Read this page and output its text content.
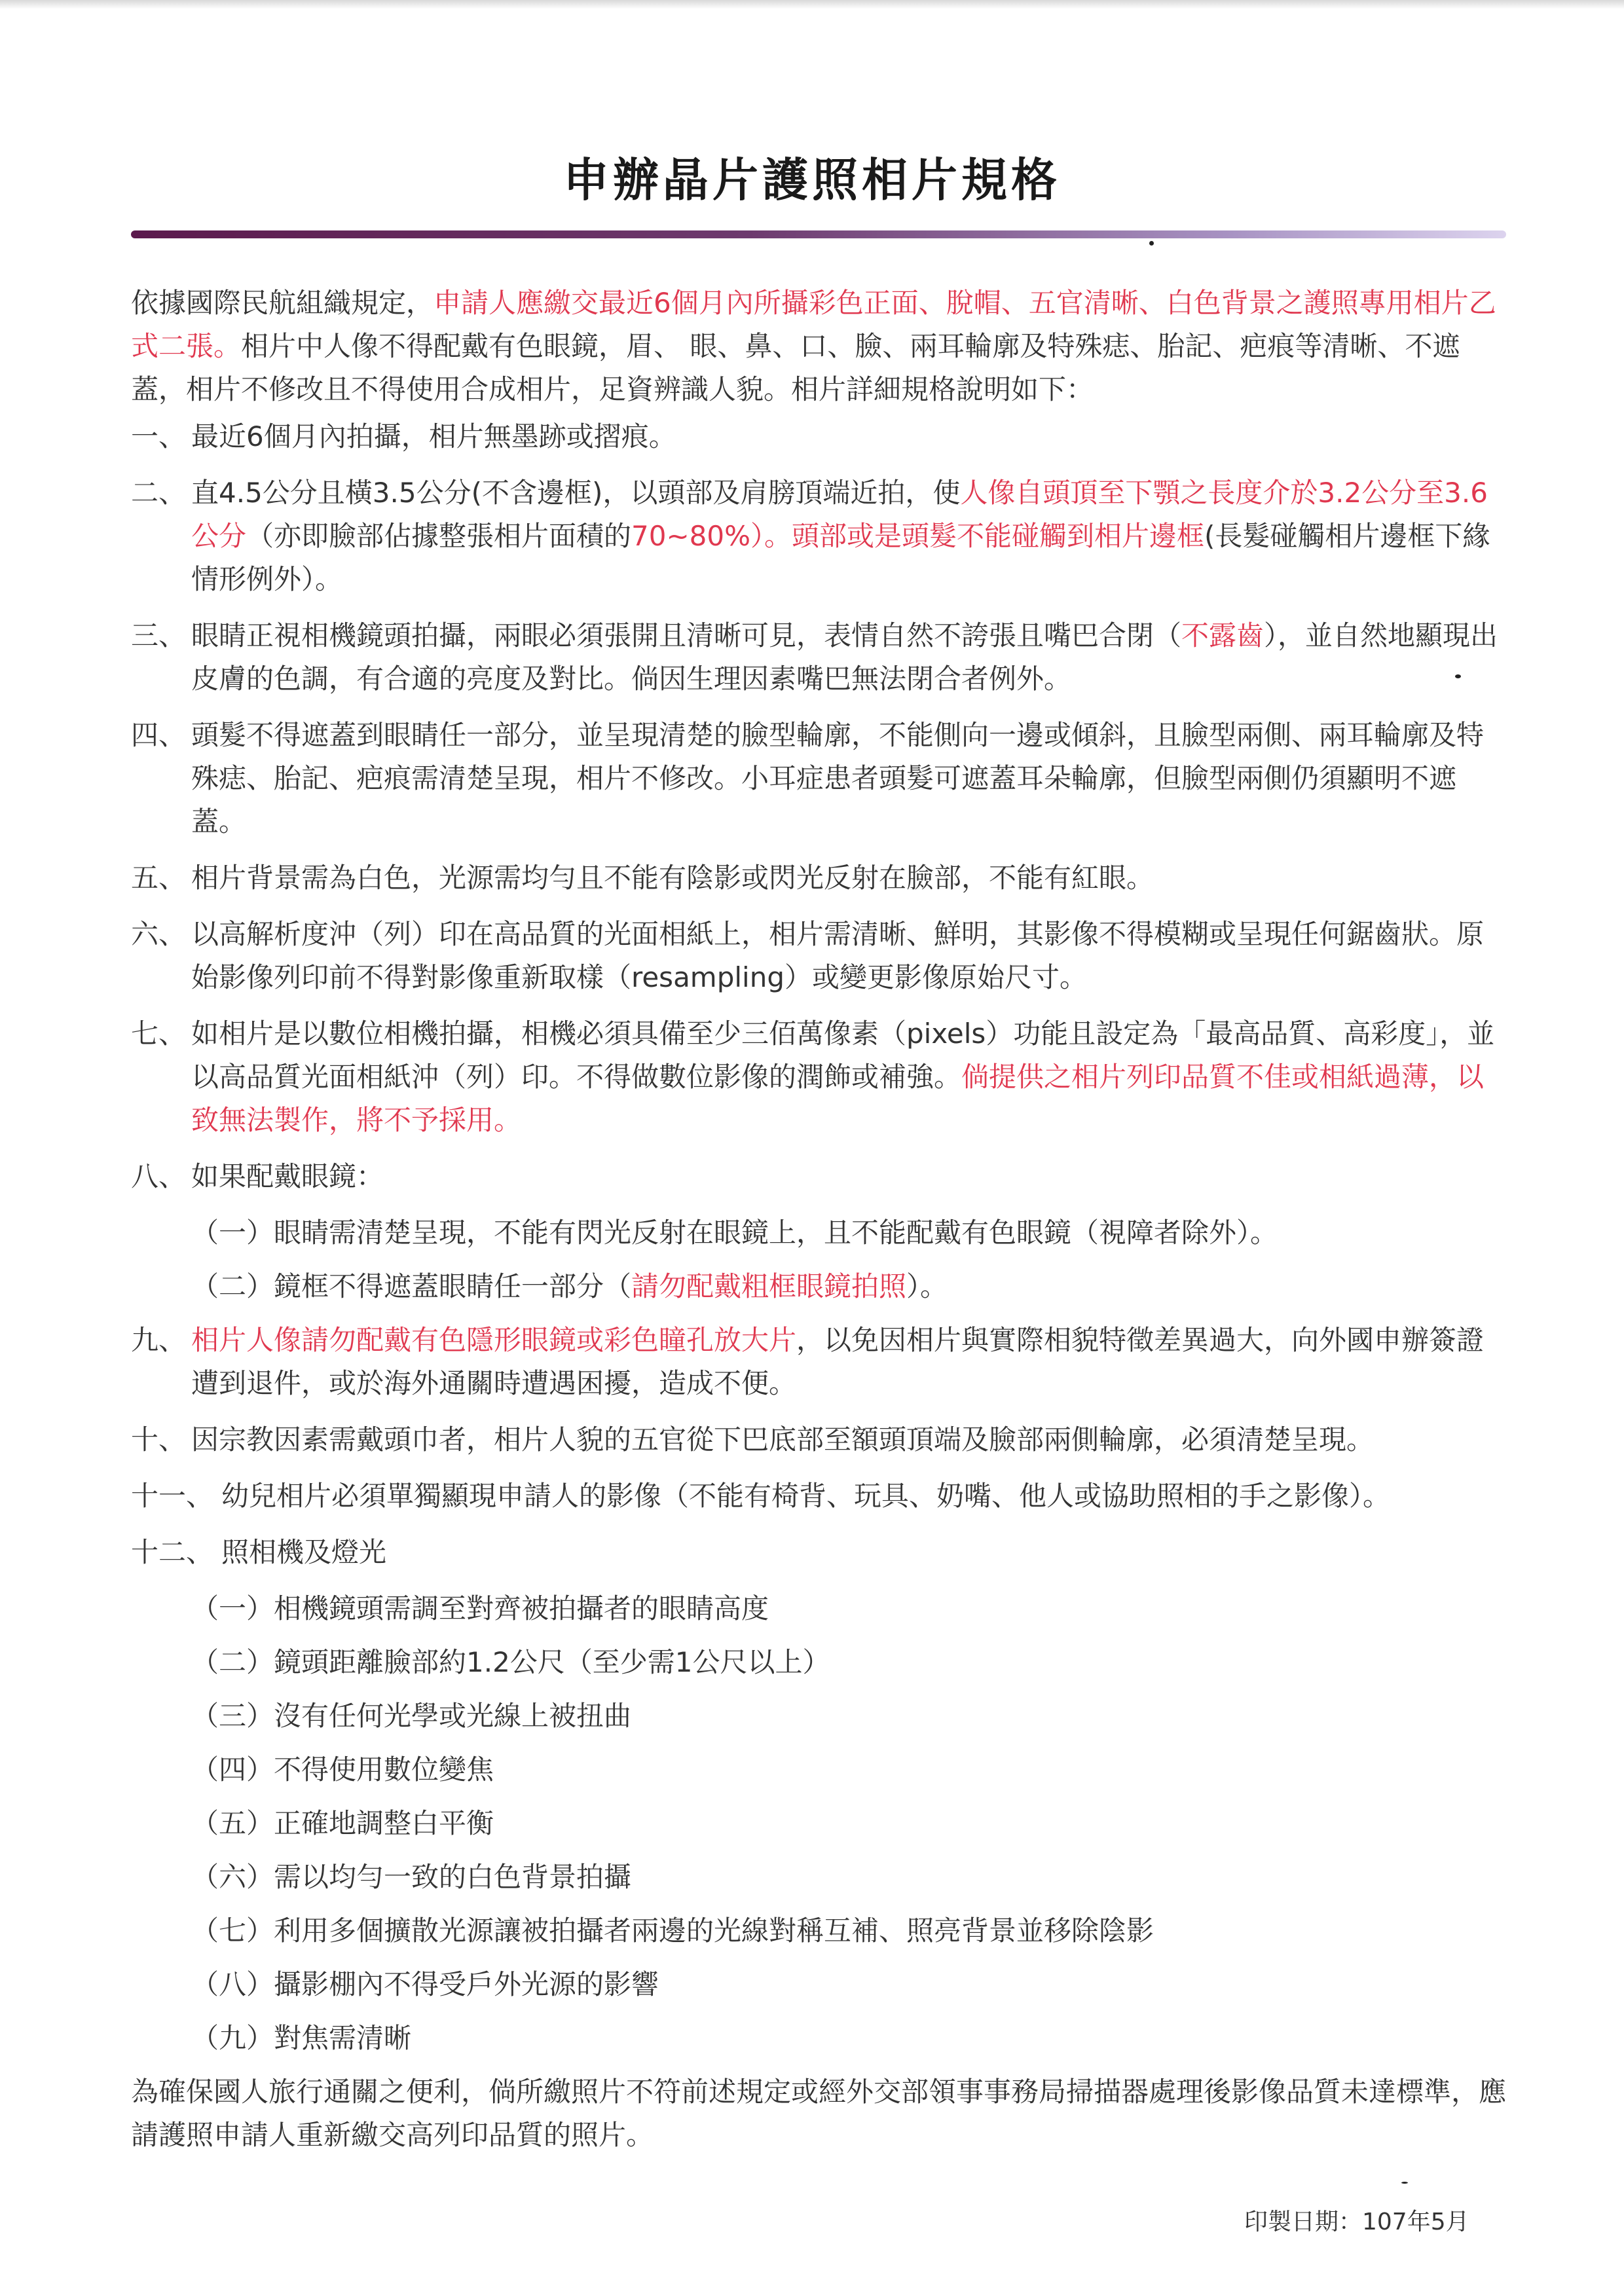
申辦晶片護照相片規格

依據國際民航組織規定，申請人應繳交最近6個月內所攝彩色正面、脫帽、五官清晰、白色背景之護照專用相片乙式二張。相片中人像不得配戴有色眼鏡，眉、 眼、鼻、口、臉、兩耳輪廓及特殊痣、胎記、疤痕等清晰、不遮蓋，相片不修改且不得使用合成相片，足資辨識人貌。相片詳細規格說明如下：

一、 最近6個月內拍攝，相片無墨跡或摺痕。
二、 直4.5公分且橫3.5公分(不含邊框)，以頭部及肩膀頂端近拍，使人像自頭頂至下顎之長度介於3.2公分至3.6公分（亦即臉部佔據整張相片面積的70~80%）。頭部或是頭髮不能碰觸到相片邊框(長髮碰觸相片邊框下緣情形例外）。
三、 眼睛正視相機鏡頭拍攝，兩眼必須張開且清晰可見，表情自然不誇張且嘴巴合閉（不露齒），並自然地顯現出皮膚的色調，有合適的亮度及對比。倘因生理因素嘴巴無法閉合者例外。
四、 頭髮不得遮蓋到眼睛任一部分，並呈現清楚的臉型輪廓，不能側向一邊或傾斜，且臉型兩側、兩耳輪廓及特殊痣、胎記、疤痕需清楚呈現，相片不修改。小耳症患者頭髮可遮蓋耳朵輪廓，但臉型兩側仍須顯明不遮蓋。
五、 相片背景需為白色，光源需均勻且不能有陰影或閃光反射在臉部，不能有紅眼。
六、 以高解析度沖（列）印在高品質的光面相紙上，相片需清晰、鮮明，其影像不得模糊或呈現任何鋸齒狀。原始影像列印前不得對影像重新取樣（resampling）或變更影像原始尺寸。
七、 如相片是以數位相機拍攝，相機必須具備至少三佰萬像素（pixels）功能且設定為「最高品質、高彩度」，並以高品質光面相紙沖（列）印。不得做數位影像的潤飾或補強。倘提供之相片列印品質不佳或相紙過薄，以致無法製作，將不予採用。
八、 如果配戴眼鏡：
（一）眼睛需清楚呈現，不能有閃光反射在眼鏡上，且不能配戴有色眼鏡（視障者除外）。
（二）鏡框不得遮蓋眼睛任一部分（請勿配戴粗框眼鏡拍照）。
九、 相片人像請勿配戴有色隱形眼鏡或彩色瞳孔放大片，以免因相片與實際相貌特徵差異過大，向外國申辦簽證遭到退件，或於海外通關時遭遇困擾，造成不便。
十、 因宗教因素需戴頭巾者，相片人貌的五官從下巴底部至額頭頂端及臉部兩側輪廓，必須清楚呈現。
十一、 幼兒相片必須單獨顯現申請人的影像（不能有椅背、玩具、奶嘴、他人或協助照相的手之影像）。
十二、 照相機及燈光
（一）相機鏡頭需調至對齊被拍攝者的眼睛高度
（二）鏡頭距離臉部約1.2公尺（至少需1公尺以上）
（三）沒有任何光學或光線上被扭曲
（四）不得使用數位變焦
（五）正確地調整白平衡
（六）需以均勻一致的白色背景拍攝
（七）利用多個擴散光源讓被拍攝者兩邊的光線對稱互補、照亮背景並移除陰影
（八）攝影棚內不得受戶外光源的影響
（九）對焦需清晰

為確保國人旅行通關之便利，倘所繳照片不符前述規定或經外交部領事事務局掃描器處理後影像品質未達標準，應請護照申請人重新繳交高列印品質的照片。

印製日期：107年5月
